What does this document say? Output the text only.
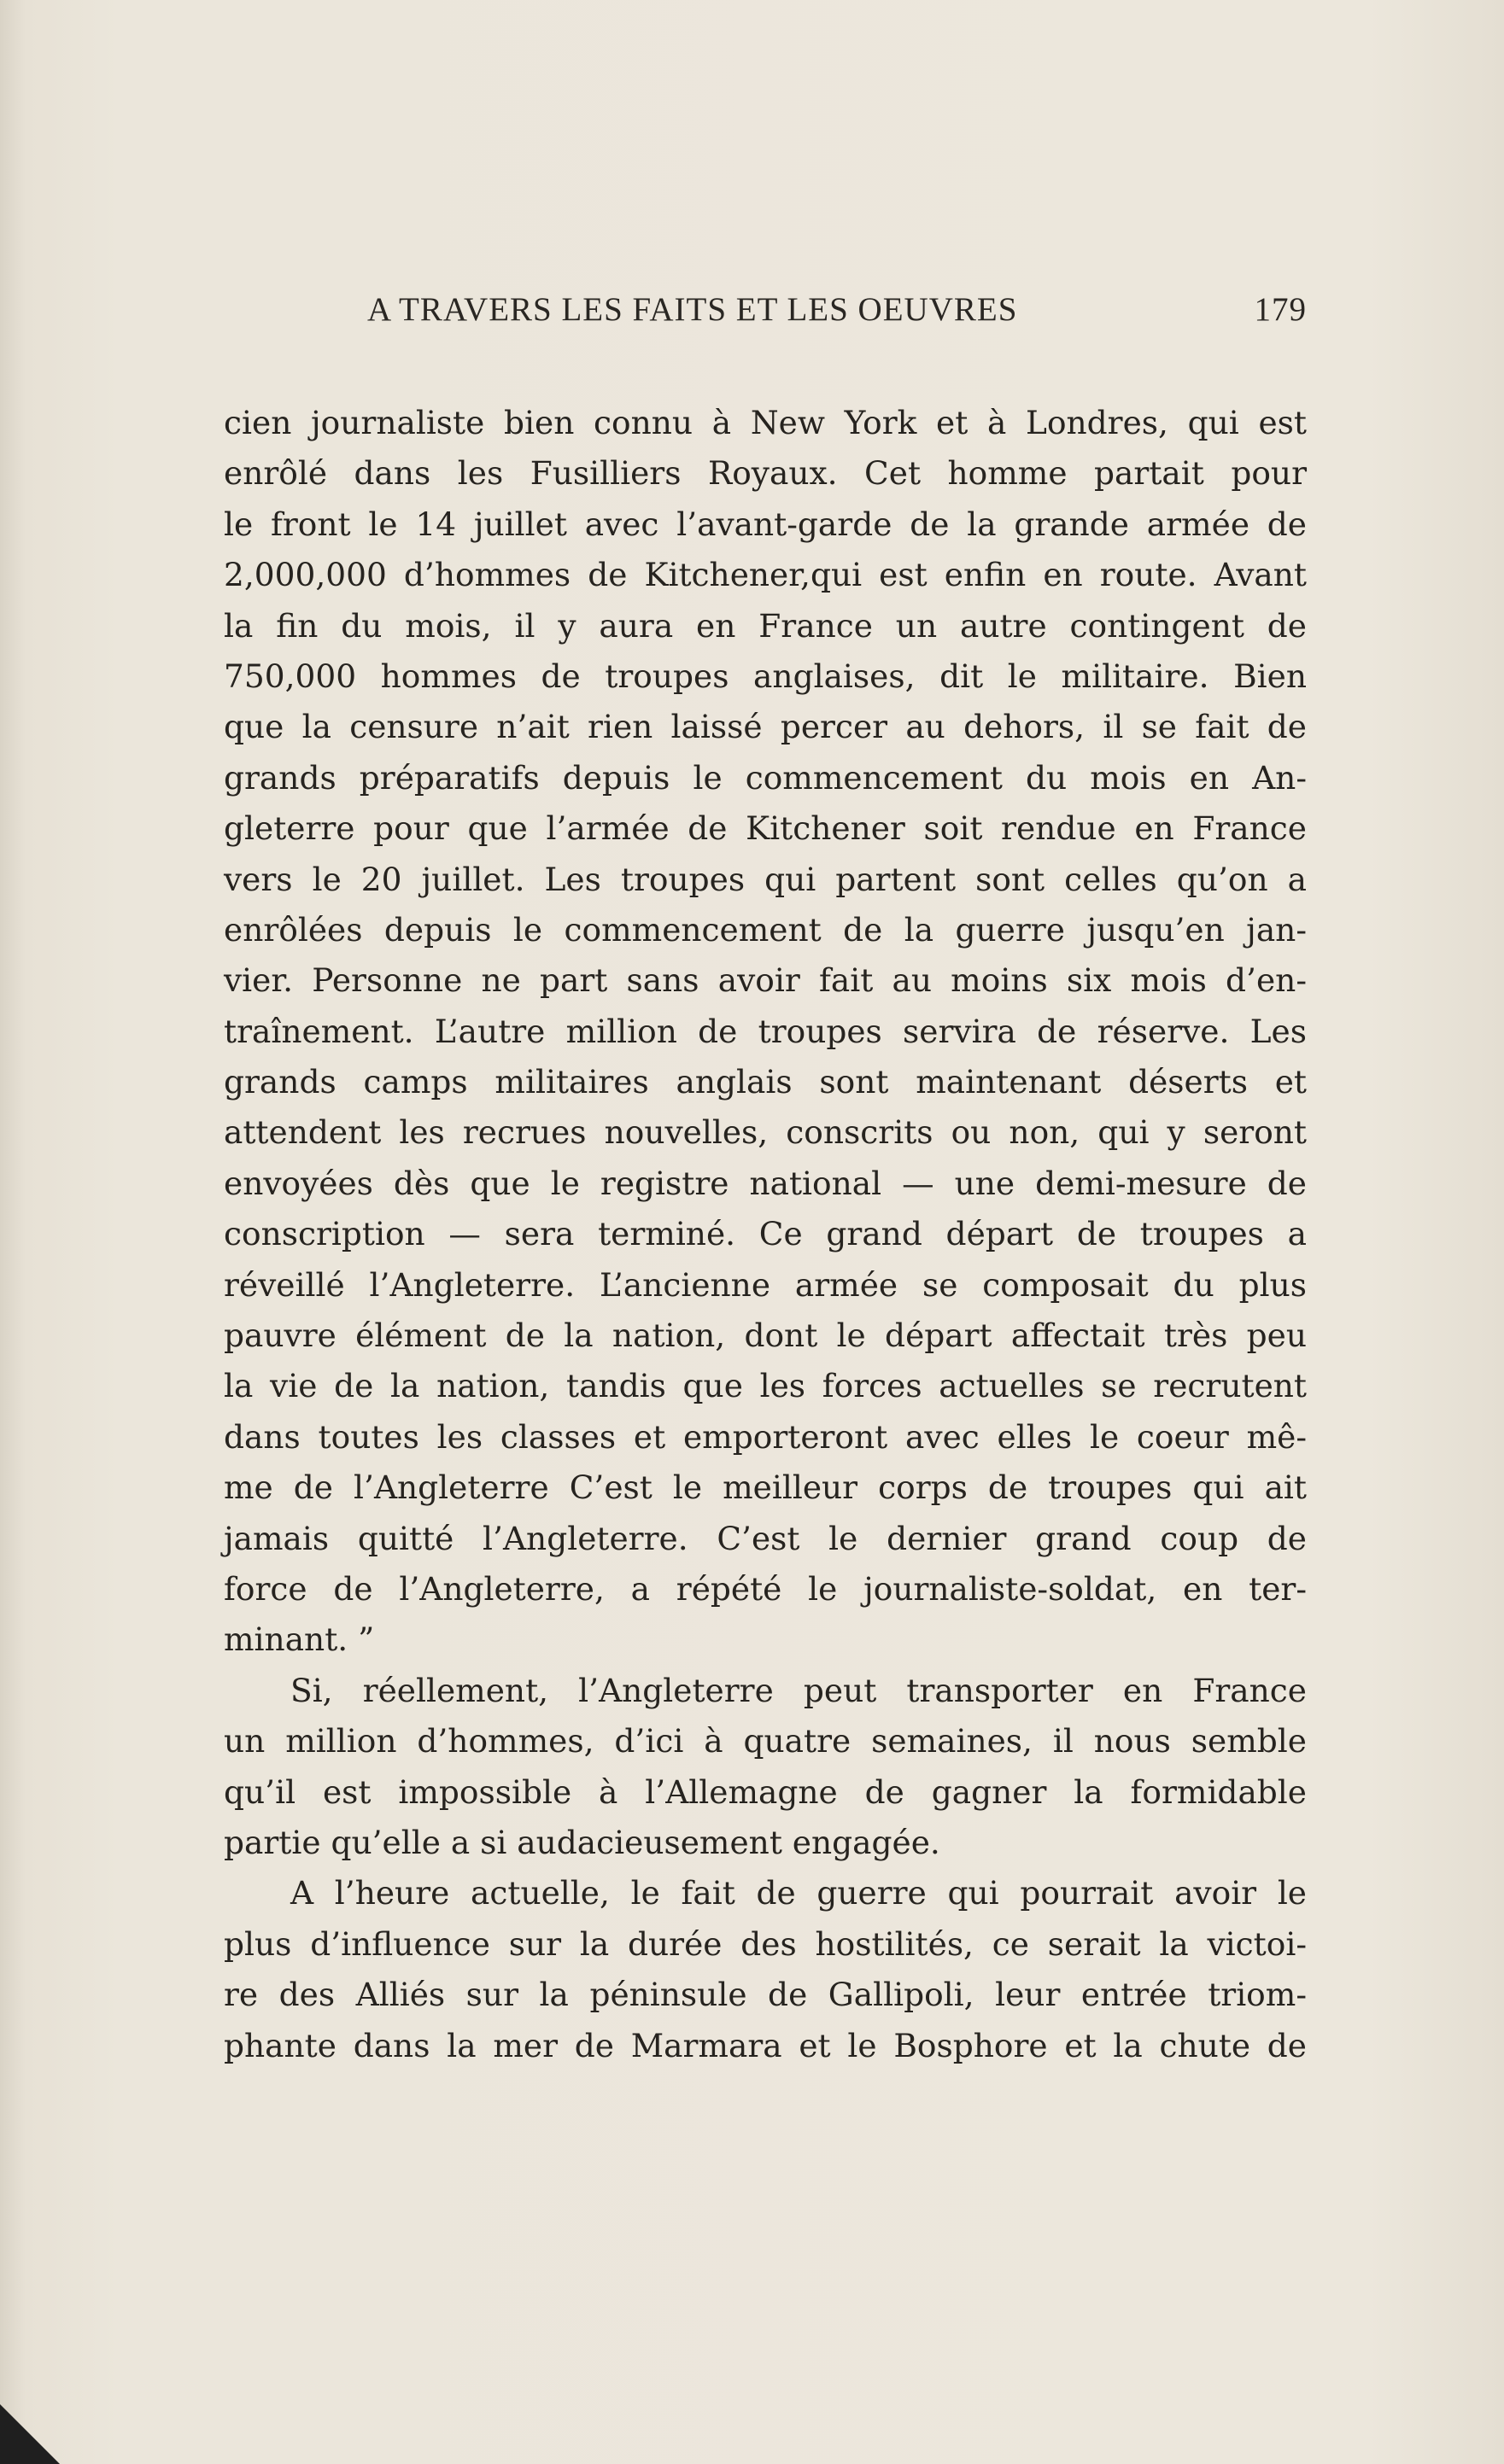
A TRAVERS LES FAITS ET LES OEUVRES	179
cien journaliste bien connu à New York et à Londres, qui est
enrôlé dans les Fusilliers Royaux. Cet homme partait pour
le front le 14 juillet avec l’avant-garde de la grande armée de
2,000,000 d’hommes de Kitchener,qui est enfin en route. Avant
la fin du mois, il y aura en France un autre contingent de
750,000 hommes de troupes anglaises, dit le militaire. Bien
que la censure n’ait rien laissé percer au dehors, il se fait de
grands préparatifs depuis le commencement du mois en An-
gleterre pour que l’armée de Kitchener soit rendue en France
vers le 20 juillet. Les troupes qui partent sont celles qu’on a
enrôlées depuis le commencement de la guerre jusqu’en jan-
vier. Personne ne part sans avoir fait au moins six mois d’en-
traînement. L’autre million de troupes servira de réserve. Les
grands camps militaires anglais sont maintenant déserts et
attendent les recrues nouvelles, conscrits ou non, qui y seront
envoyées dès que le registre national — une demi-mesure de
conscription — sera terminé. Ce grand départ de troupes a
réveillé l’Angleterre. L’ancienne armée se composait du plus
pauvre élément de la nation, dont le départ affectait très peu
la vie de la nation, tandis que les forces actuelles se recrutent
dans toutes les classes et emporteront avec elles le coeur mê-
me de l’Angleterre C’est le meilleur corps de troupes qui ait
jamais quitté l’Angleterre. C’est le dernier grand coup de
force de l’Angleterre, a répété le journaliste-soldat, en ter-
minant. ”
Si, réellement, l’Angleterre peut transporter en France
un million d’hommes, d’ici à quatre semaines, il nous semble
qu’il est impossible à l’Allemagne de gagner la formidable
partie qu’elle a si audacieusement engagée.
A l’heure actuelle, le fait de guerre qui pourrait avoir le
plus d’influence sur la durée des hostilités, ce serait la victoi-
re des Alliés sur la péninsule de Gallipoli, leur entrée triom-
phante dans la mer de Marmara et le Bosphore et la chute de
